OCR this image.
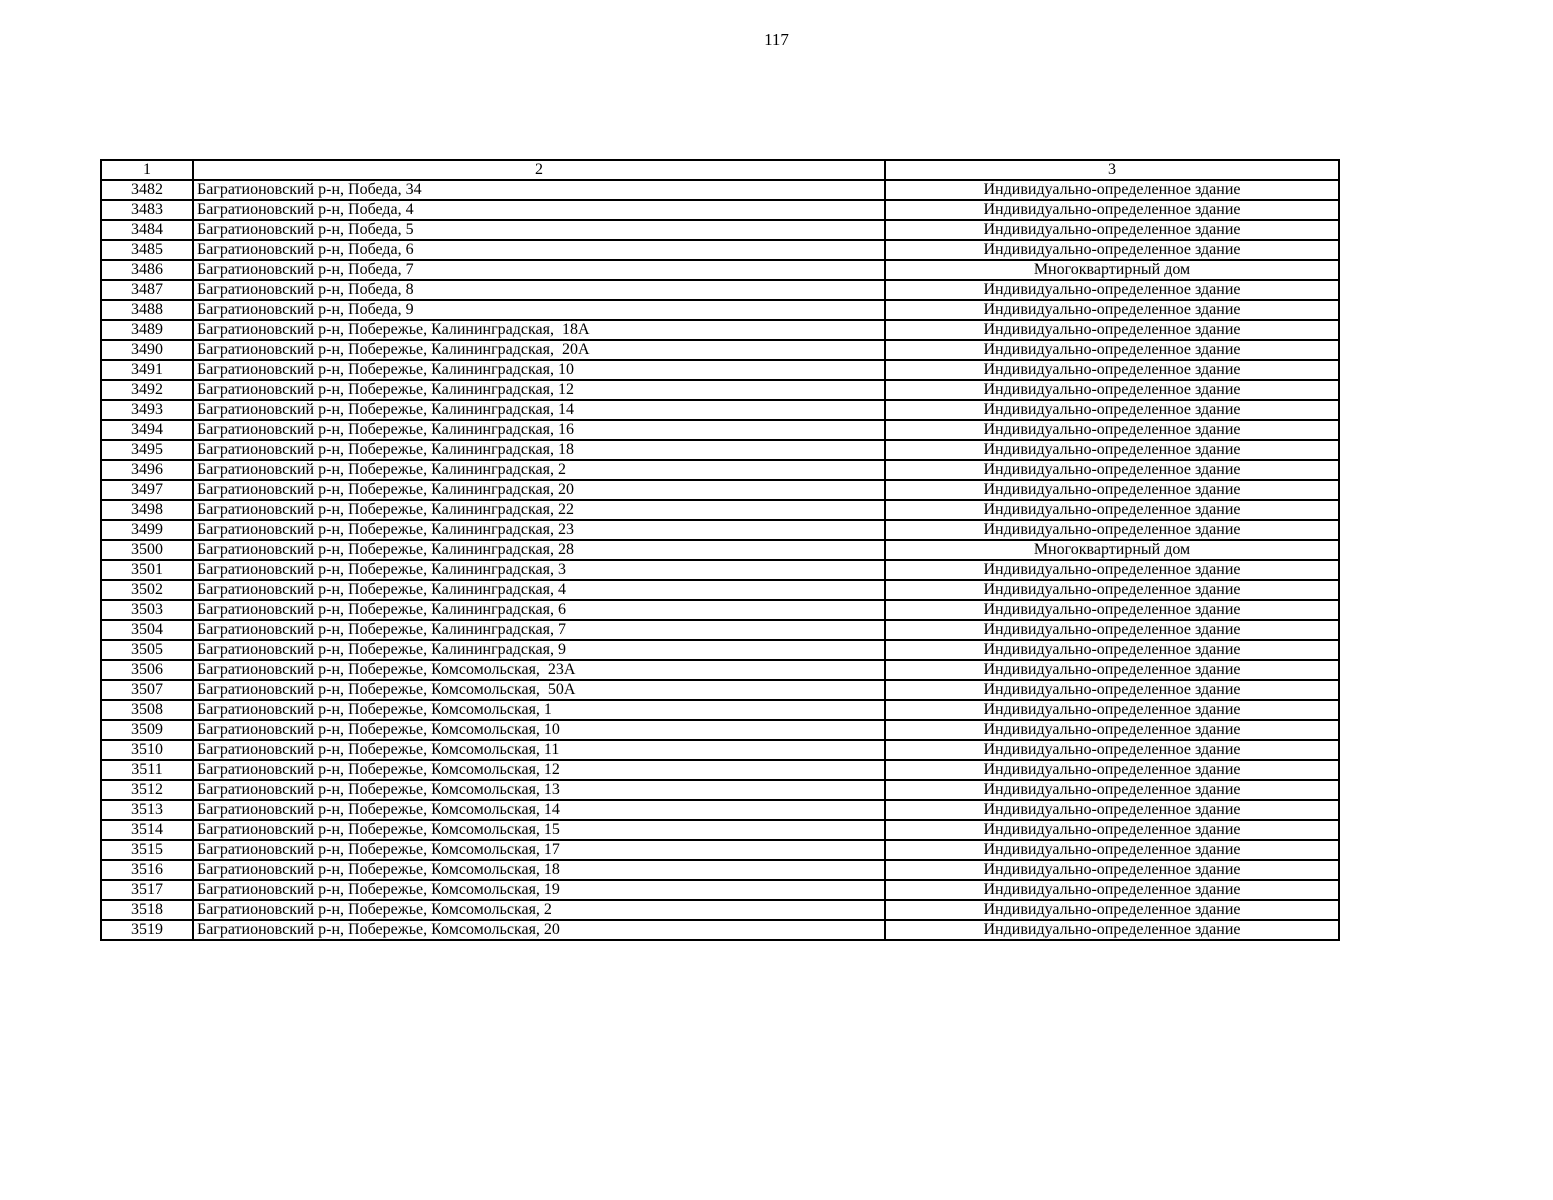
117
1	2	3
3482	Багратионовский р-н, Победа, 34	Индивидуально-определенное здание
3483	Багратионовский р-н, Победа, 4	Индивидуально-определенное здание
3484	Багратионовский р-н, Победа, 5	Индивидуально-определенное здание
3485	Багратионовский р-н, Победа, 6	Индивидуально-определенное здание
3486	Багратионовский р-н, Победа, 7	Многоквартирный дом
3487	Багратионовский р-н, Победа, 8	Индивидуально-определенное здание
3488	Багратионовский р-н, Победа, 9	Индивидуально-определенное здание
3489	Багратионовский р-н, Побережье, Калининградская,  18А	Индивидуально-определенное здание
3490	Багратионовский р-н, Побережье, Калининградская,  20А	Индивидуально-определенное здание
3491	Багратионовский р-н, Побережье, Калининградская, 10	Индивидуально-определенное здание
3492	Багратионовский р-н, Побережье, Калининградская, 12	Индивидуально-определенное здание
3493	Багратионовский р-н, Побережье, Калининградская, 14	Индивидуально-определенное здание
3494	Багратионовский р-н, Побережье, Калининградская, 16	Индивидуально-определенное здание
3495	Багратионовский р-н, Побережье, Калининградская, 18	Индивидуально-определенное здание
3496	Багратионовский р-н, Побережье, Калининградская, 2	Индивидуально-определенное здание
3497	Багратионовский р-н, Побережье, Калининградская, 20	Индивидуально-определенное здание
3498	Багратионовский р-н, Побережье, Калининградская, 22	Индивидуально-определенное здание
3499	Багратионовский р-н, Побережье, Калининградская, 23	Индивидуально-определенное здание
3500	Багратионовский р-н, Побережье, Калининградская, 28	Многоквартирный дом
3501	Багратионовский р-н, Побережье, Калининградская, 3	Индивидуально-определенное здание
3502	Багратионовский р-н, Побережье, Калининградская, 4	Индивидуально-определенное здание
3503	Багратионовский р-н, Побережье, Калининградская, 6	Индивидуально-определенное здание
3504	Багратионовский р-н, Побережье, Калининградская, 7	Индивидуально-определенное здание
3505	Багратионовский р-н, Побережье, Калининградская, 9	Индивидуально-определенное здание
3506	Багратионовский р-н, Побережье, Комсомольская,  23А	Индивидуально-определенное здание
3507	Багратионовский р-н, Побережье, Комсомольская,  50А	Индивидуально-определенное здание
3508	Багратионовский р-н, Побережье, Комсомольская, 1	Индивидуально-определенное здание
3509	Багратионовский р-н, Побережье, Комсомольская, 10	Индивидуально-определенное здание
3510	Багратионовский р-н, Побережье, Комсомольская, 11	Индивидуально-определенное здание
3511	Багратионовский р-н, Побережье, Комсомольская, 12	Индивидуально-определенное здание
3512	Багратионовский р-н, Побережье, Комсомольская, 13	Индивидуально-определенное здание
3513	Багратионовский р-н, Побережье, Комсомольская, 14	Индивидуально-определенное здание
3514	Багратионовский р-н, Побережье, Комсомольская, 15	Индивидуально-определенное здание
3515	Багратионовский р-н, Побережье, Комсомольская, 17	Индивидуально-определенное здание
3516	Багратионовский р-н, Побережье, Комсомольская, 18	Индивидуально-определенное здание
3517	Багратионовский р-н, Побережье, Комсомольская, 19	Индивидуально-определенное здание
3518	Багратионовский р-н, Побережье, Комсомольская, 2	Индивидуально-определенное здание
3519	Багратионовский р-н, Побережье, Комсомольская, 20	Индивидуально-определенное здание
